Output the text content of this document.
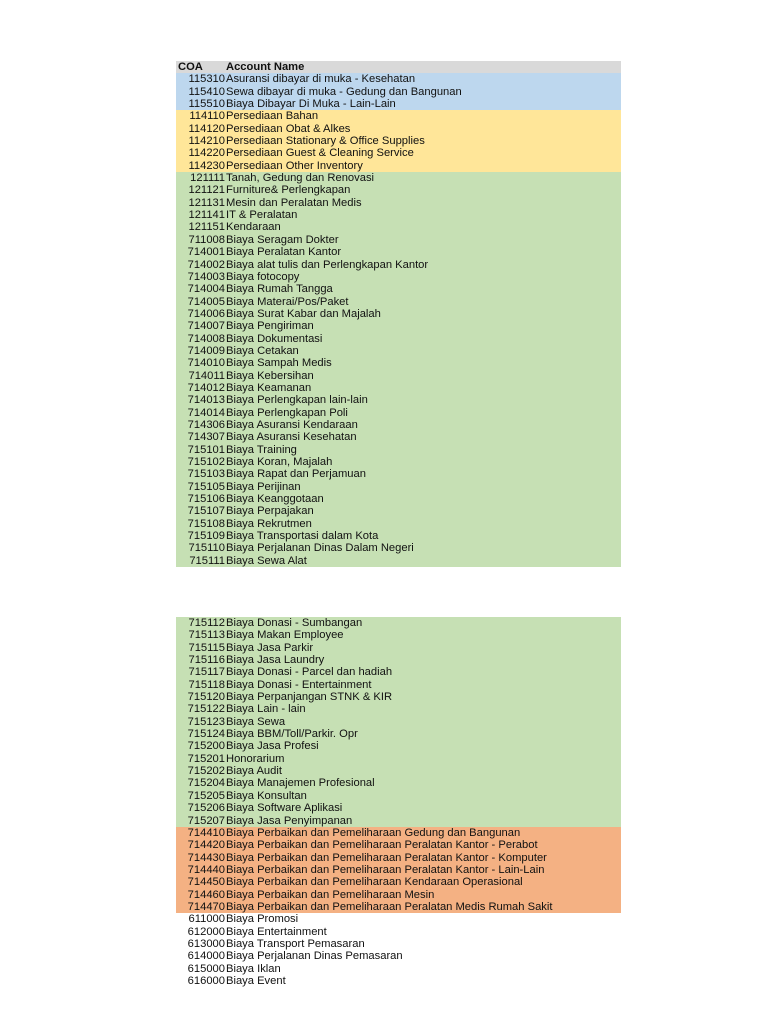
COA	Account Name
115310 Asuransi dibayar di muka - Kesehatan
115410 Sewa dibayar di muka - Gedung dan Bangunan
115510 Biaya Dibayar Di Muka - Lain-Lain
114110 Persediaan Bahan
114120 Persediaan Obat & Alkes
114210 Persediaan Stationary & Office Supplies
114220 Persediaan Guest & Cleaning Service
114230 Persediaan Other Inventory
121111 Tanah, Gedung dan Renovasi
121121 Furniture& Perlengkapan
121131 Mesin dan Peralatan Medis
121141 IT & Peralatan
121151 Kendaraan
711008 Biaya Seragam Dokter
714001 Biaya Peralatan Kantor
714002 Biaya alat tulis dan Perlengkapan Kantor
714003 Biaya fotocopy
714004 Biaya Rumah Tangga
714005 Biaya Materai/Pos/Paket
714006 Biaya Surat Kabar dan Majalah
714007 Biaya Pengiriman
714008 Biaya Dokumentasi
714009 Biaya Cetakan
714010 Biaya Sampah Medis
714011 Biaya Kebersihan
714012 Biaya Keamanan
714013 Biaya Perlengkapan lain-lain
714014 Biaya Perlengkapan Poli
714306 Biaya Asuransi Kendaraan
714307 Biaya Asuransi Kesehatan
715101 Biaya Training
715102 Biaya Koran, Majalah
715103 Biaya Rapat dan Perjamuan
715105 Biaya Perijinan
715106 Biaya Keanggotaan
715107 Biaya Perpajakan
715108 Biaya Rekrutmen
715109 Biaya Transportasi dalam Kota
715110 Biaya Perjalanan Dinas Dalam Negeri
715111 Biaya Sewa Alat
715112 Biaya Donasi - Sumbangan
715113 Biaya Makan Employee
715115 Biaya Jasa Parkir
715116 Biaya Jasa Laundry
715117 Biaya Donasi - Parcel dan hadiah
715118 Biaya Donasi - Entertainment
715120 Biaya Perpanjangan STNK & KIR
715122 Biaya Lain - lain
715123 Biaya Sewa
715124 Biaya BBM/Toll/Parkir. Opr
715200 Biaya Jasa Profesi
715201 Honorarium
715202 Biaya Audit
715204 Biaya Manajemen Profesional
715205 Biaya Konsultan
715206 Biaya Software Aplikasi
715207 Biaya Jasa Penyimpanan
714410 Biaya Perbaikan dan Pemeliharaan Gedung dan Bangunan
714420 Biaya Perbaikan dan Pemeliharaan Peralatan Kantor - Perabot
714430 Biaya Perbaikan dan Pemeliharaan Peralatan Kantor - Komputer
714440 Biaya Perbaikan dan Pemeliharaan Peralatan Kantor - Lain-Lain
714450 Biaya Perbaikan dan Pemeliharaan Kendaraan Operasional
714460 Biaya Perbaikan dan Pemeliharaan Mesin
714470 Biaya Perbaikan dan Pemeliharaan Peralatan Medis Rumah Sakit
611000 Biaya Promosi
612000 Biaya Entertainment
613000 Biaya Transport Pemasaran
614000 Biaya Perjalanan Dinas Pemasaran
615000 Biaya Iklan
616000 Biaya Event
